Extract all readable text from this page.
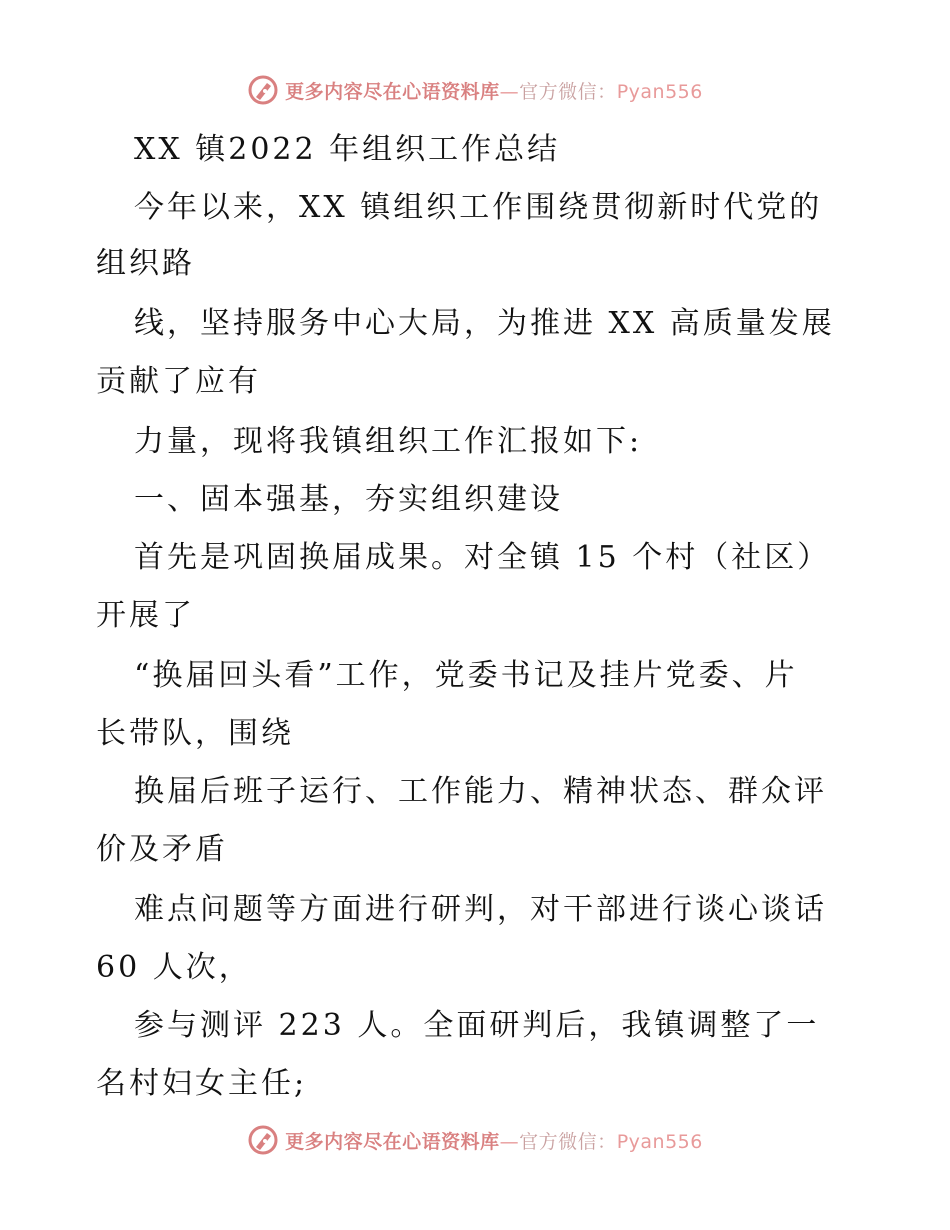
更多内容尽在心语资料库—官方微信：Pyan556
XX 镇2022 年组织工作总结
今年以来，XX 镇组织工作围绕贯彻新时代党的
组织路
线，坚持服务中心大局，为推进 XX 高质量发展
贡献了应有
力量，现将我镇组织工作汇报如下:
一、固本强基，夯实组织建设
首先是巩固换届成果。对全镇 15 个村（社区）
开展了
“换届回头看”工作，党委书记及挂片党委、片
长带队，围绕
换届后班子运行、工作能力、精神状态、群众评
价及矛盾
难点问题等方面进行研判，对干部进行谈心谈话
60 人次，
参与测评 223 人。全面研判后，我镇调整了一
名村妇女主任;
更多内容尽在心语资料库—官方微信：Pyan556
